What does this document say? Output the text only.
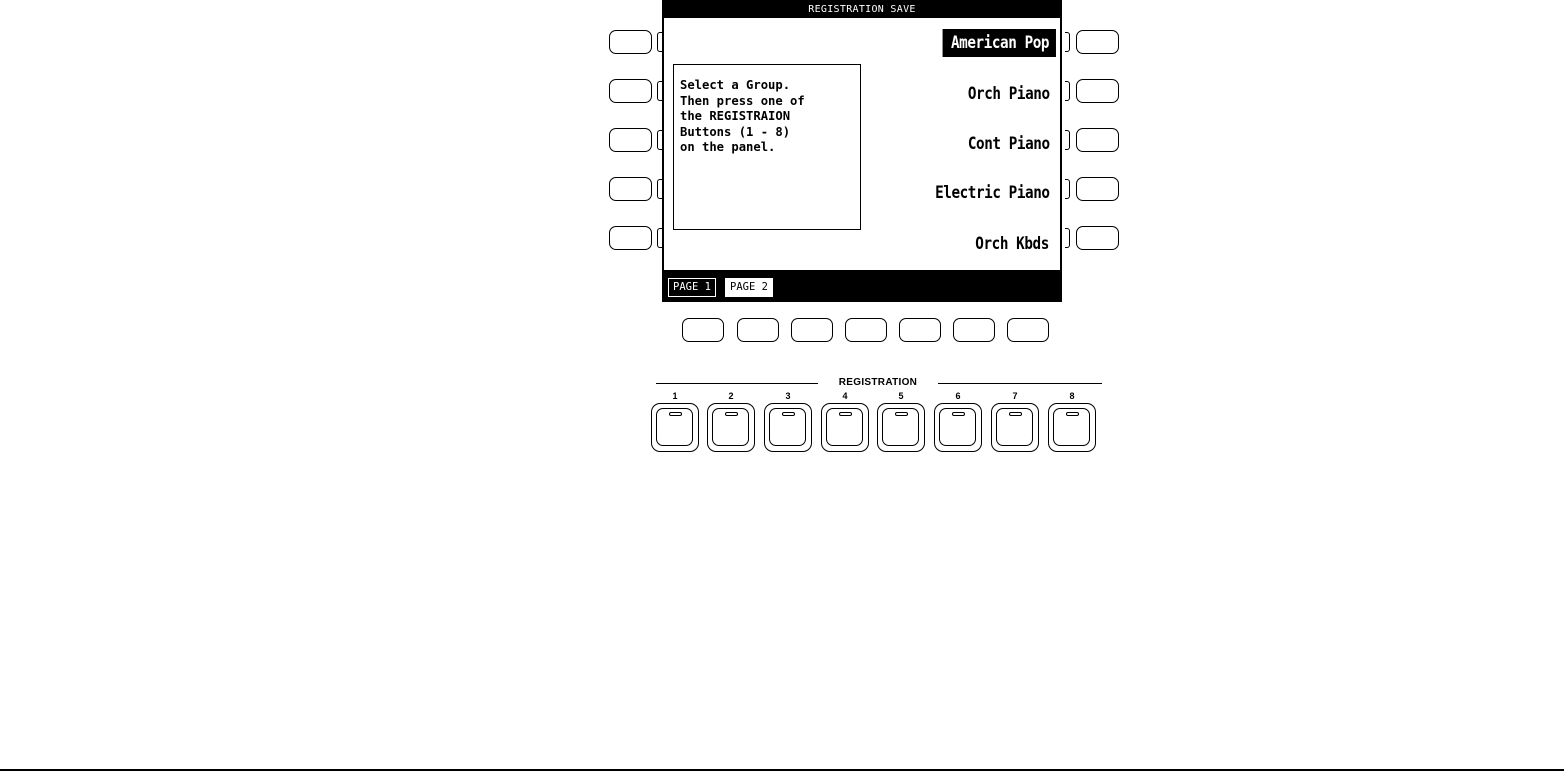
REGISTRATION SAVE
Select a Group.
Then press one of
the REGISTRAION
Buttons (1 - 8)
on the panel.
American Pop
Orch Piano
Cont Piano
Electric Piano
Orch Kbds
PAGE 1	PAGE 2
REGISTRATION
1	2	3	4	5	6	7	8
